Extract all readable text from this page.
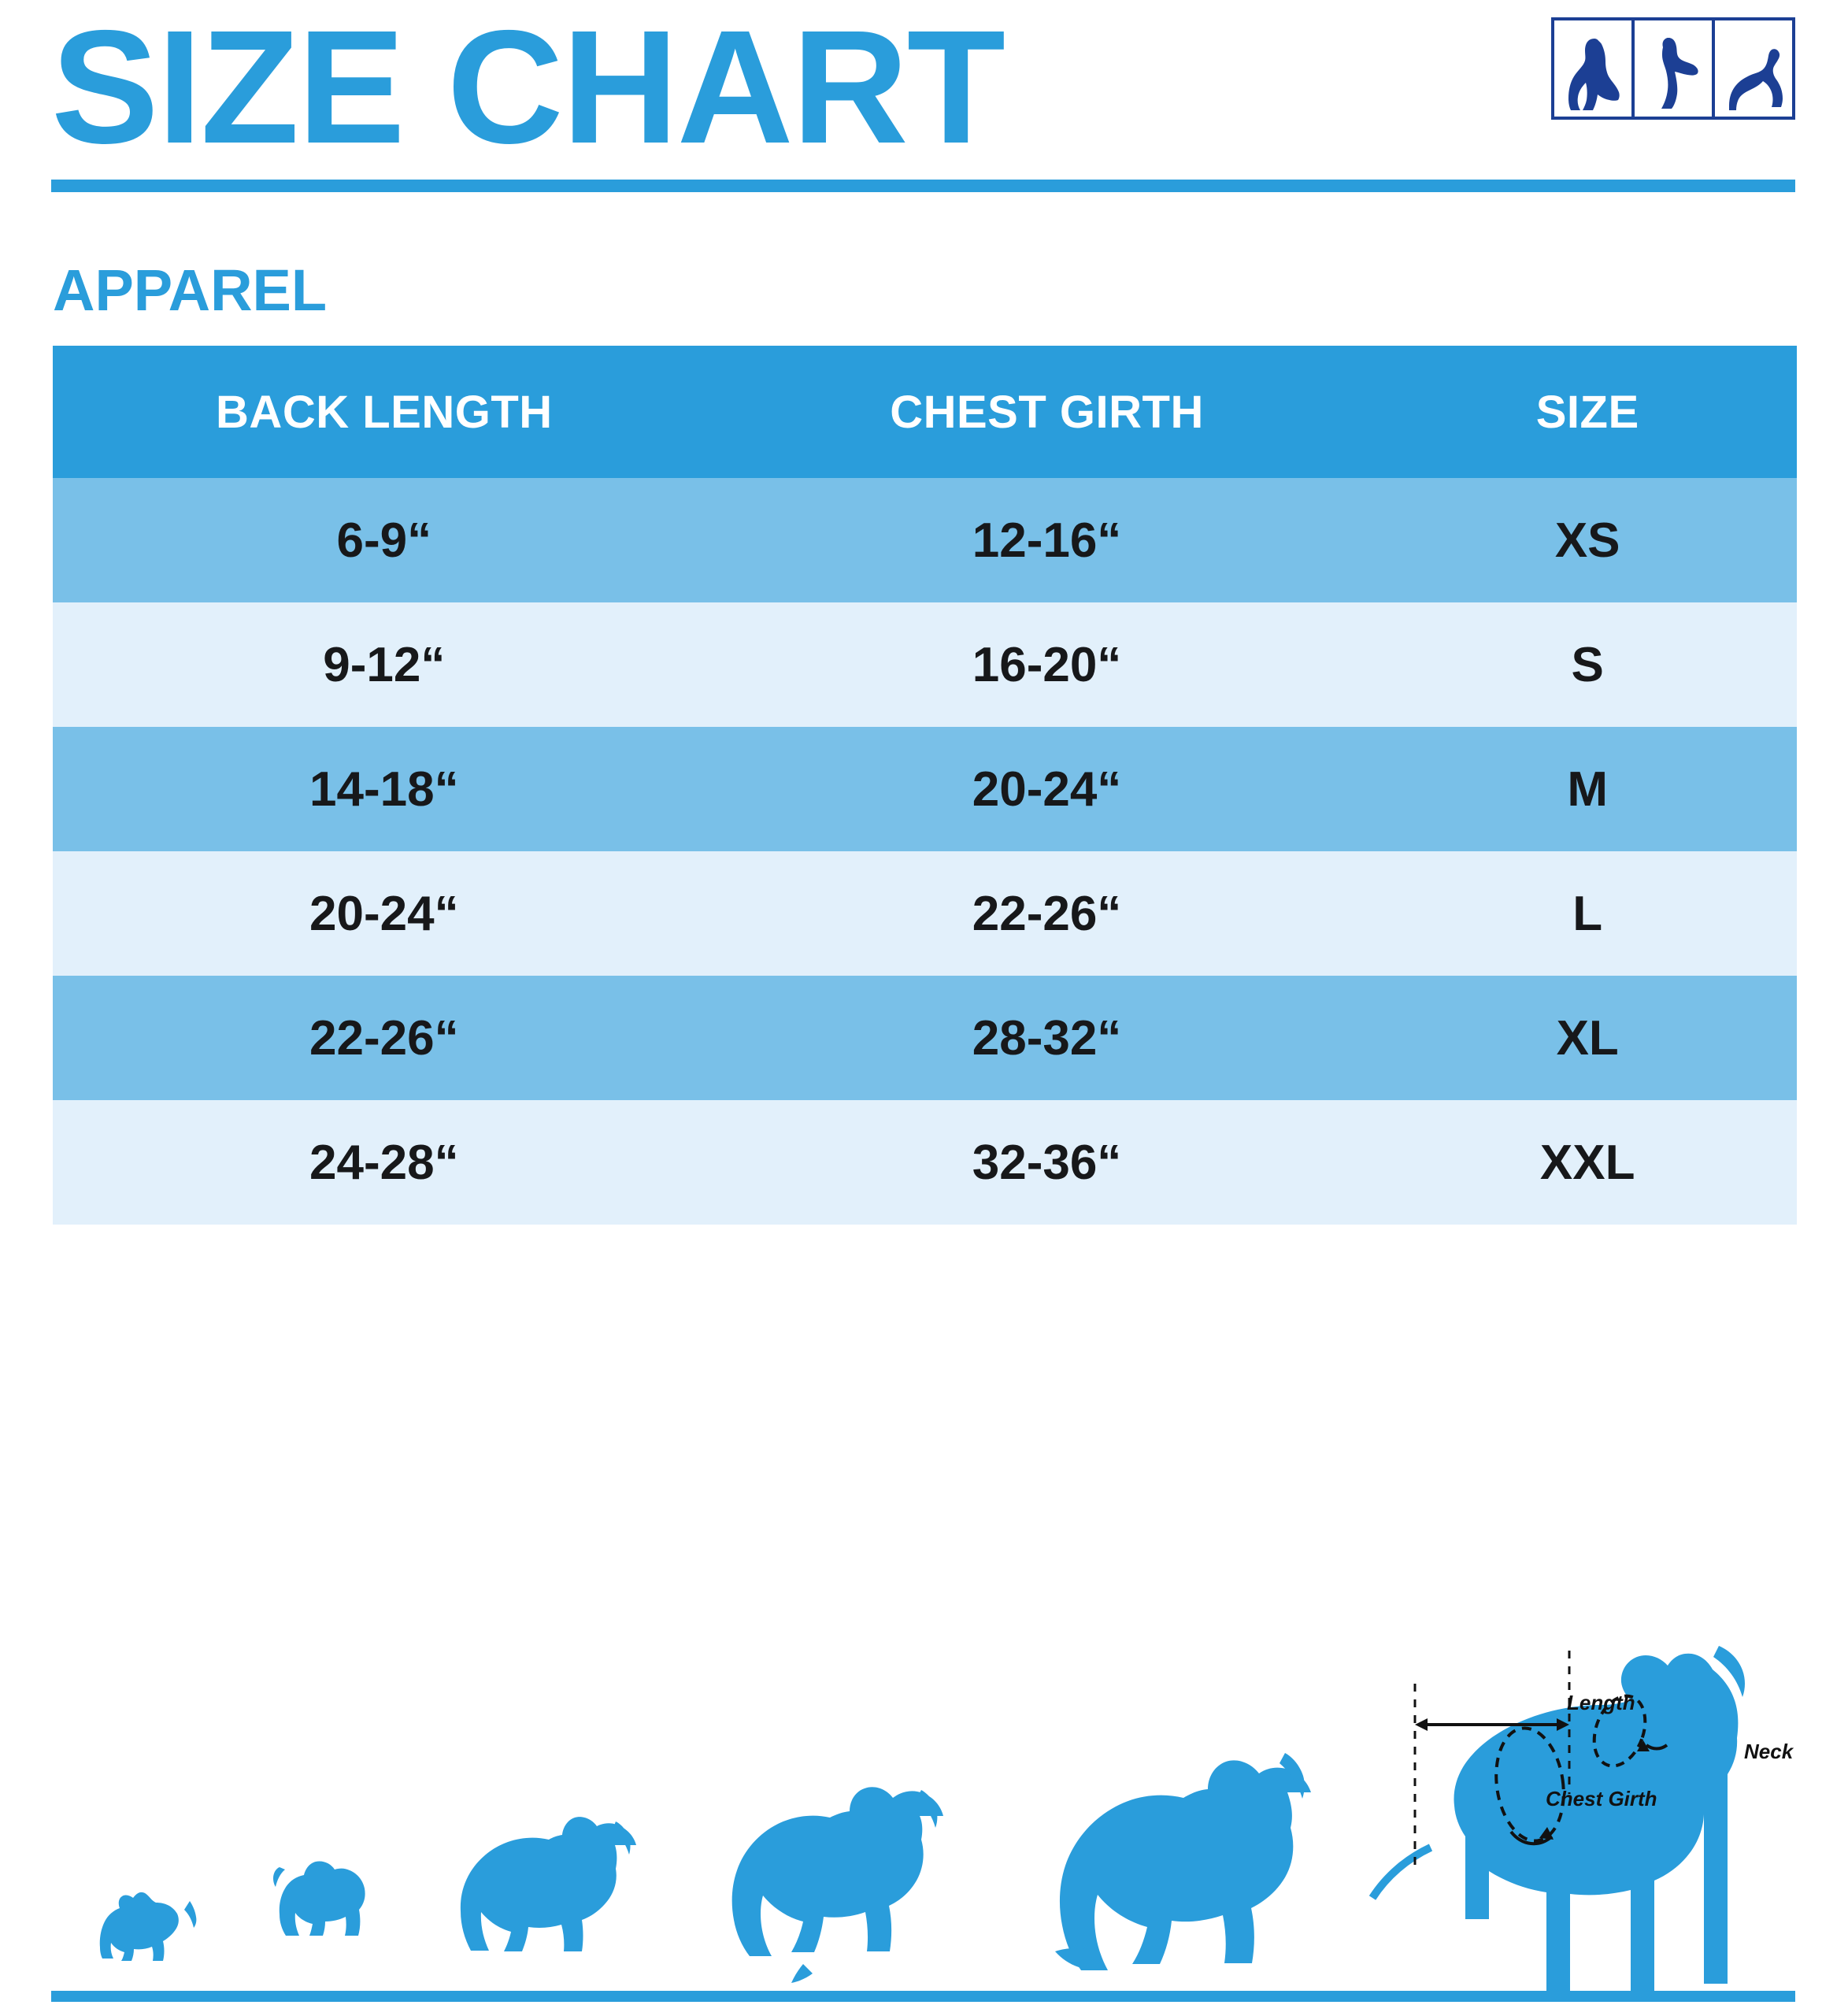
SIZE CHART
APPAREL
BACK LENGTH	CHEST GIRTH	SIZE
6-9“	12-16“	XS
9-12“	16-20“	S
14-18“	20-24“	M
20-24“	22-26“	L
22-26“	28-32“	XL
24-28“	32-36“	XXL
Length
Neck
Chest Girth
